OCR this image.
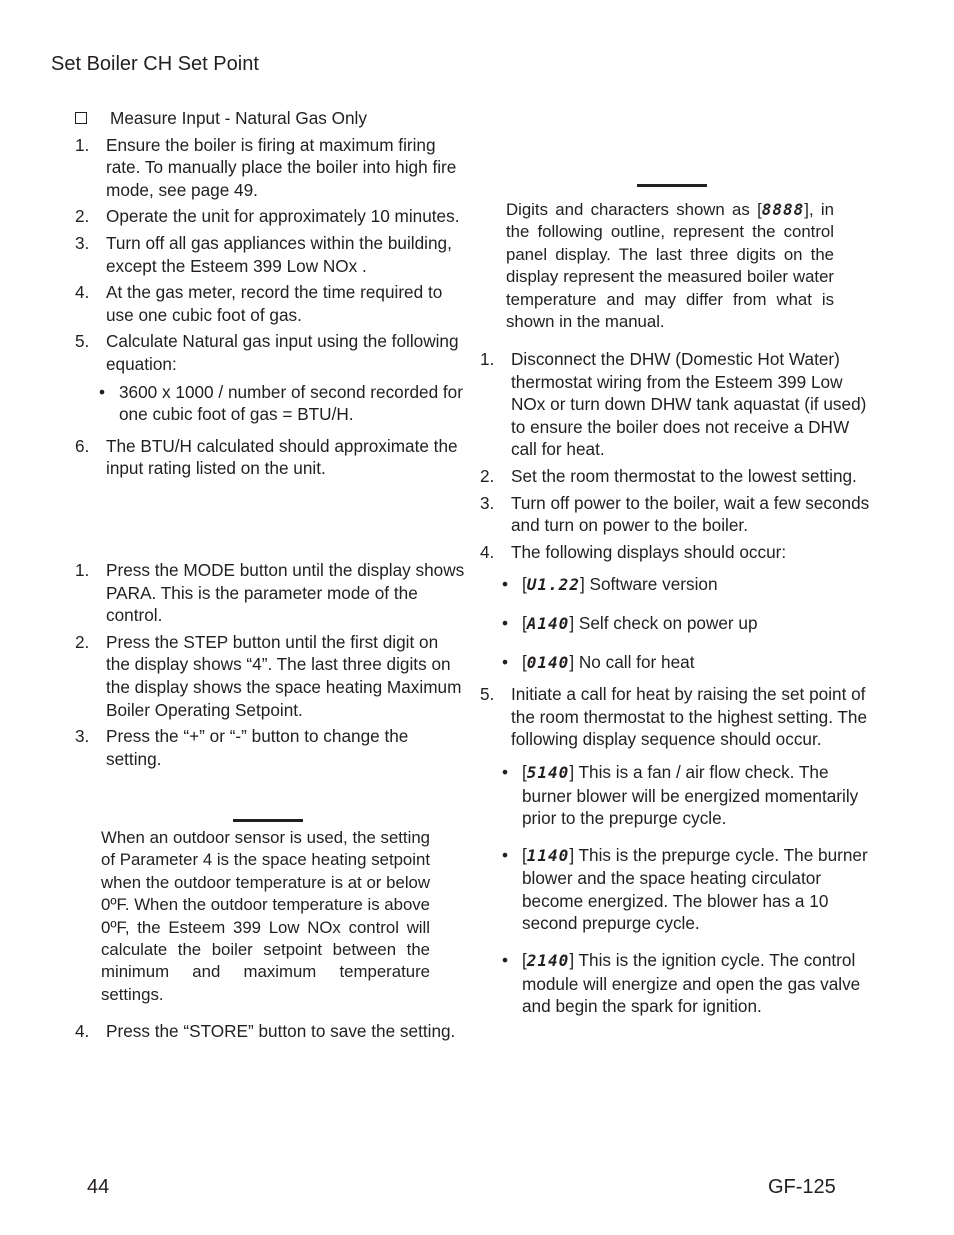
Set Boiler CH Set Point
Measure Input - Natural Gas Only
1. Ensure the boiler is firing at maximum firing rate. To manually place the boiler into high fire mode, see page 49.
2. Operate the unit for approximately 10 minutes.
3. Turn off all gas appliances within the building, except the Esteem 399 Low NOx .
4. At the gas meter, record the time required to use one cubic foot of gas.
5. Calculate Natural gas input using the following equation:
• 3600 x 1000 / number of second recorded for one cubic foot of gas = BTU/H.
6. The BTU/H calculated should approximate the input rating listed on the unit.
1. Press the MODE button until the display shows PARA. This is the parameter mode of the control.
2. Press the STEP button until the first digit on the display shows “4”. The last three digits on the display shows the space heating Maximum Boiler Operating Setpoint.
3. Press the “+” or “-” button to change the setting.
When an outdoor sensor is used, the setting of Parameter 4 is the space heating setpoint when the outdoor temperature is at or below 0ºF. When the outdoor temperature is above 0ºF, the Esteem 399 Low NOx control will calculate the boiler setpoint between the minimum and maximum temperature settings.
4. Press the “STORE” button to save the setting.
Digits and characters shown as [8888], in the following outline, represent the control panel display. The last three digits on the display represent the measured boiler water temperature and may differ from what is shown in the manual.
1. Disconnect the DHW (Domestic Hot Water) thermostat wiring from the Esteem 399 Low NOx or turn down DHW tank aquastat (if used) to ensure the boiler does not receive a DHW call for heat.
2. Set the room thermostat to the lowest setting.
3. Turn off power to the boiler, wait a few seconds and turn on power to the boiler.
4. The following displays should occur:
• [U1.22] Software version
• [A140] Self check on power up
• [0140] No call for heat
5. Initiate a call for heat by raising the set point of the room thermostat to the highest setting. The following display sequence should occur.
• [5140] This is a fan / air flow check. The burner blower will be energized momentarily prior to the prepurge cycle.
• [1140] This is the prepurge cycle. The burner blower and the space heating circulator become energized. The blower has a 10 second prepurge cycle.
• [2140] This is the ignition cycle. The control module will energize and open the gas valve and begin the spark for ignition.
44	GF-125
